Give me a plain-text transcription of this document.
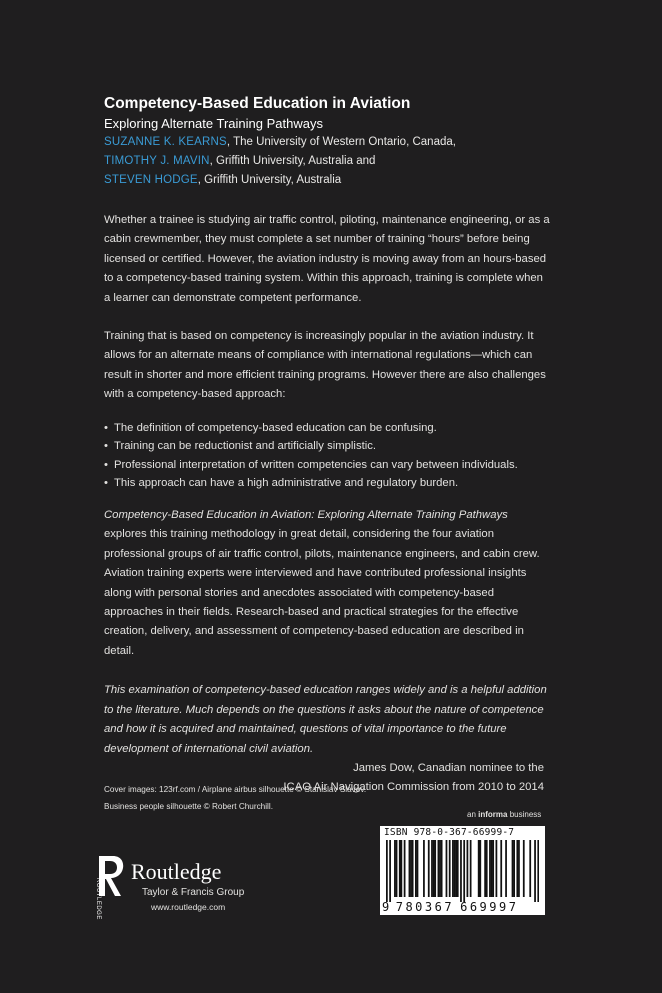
Competency-Based Education in Aviation
Exploring Alternate Training Pathways
SUZANNE K. KEARNS, The University of Western Ontario, Canada,
TIMOTHY J. MAVIN, Griffith University, Australia and
STEVEN HODGE, Griffith University, Australia

Whether a trainee is studying air traffic control, piloting, maintenance engineering, or as a cabin crewmember, they must complete a set number of training “hours” before being licensed or certified. However, the aviation industry is moving away from an hours-based to a competency-based training system. Within this approach, training is complete when a learner can demonstrate competent performance.

Training that is based on competency is increasingly popular in the aviation industry. It allows for an alternate means of compliance with international regulations—which can result in shorter and more efficient training programs. However there are also challenges with a competency-based approach:

• The definition of competency-based education can be confusing.
• Training can be reductionist and artificially simplistic.
• Professional interpretation of written competencies can vary between individuals.
• This approach can have a high administrative and regulatory burden.

Competency-Based Education in Aviation: Exploring Alternate Training Pathways explores this training methodology in great detail, considering the four aviation professional groups of air traffic control, pilots, maintenance engineers, and cabin crew. Aviation training experts were interviewed and have contributed professional insights along with personal stories and anecdotes associated with competency-based approaches in their fields. Research-based and practical strategies for the effective creation, delivery, and assessment of competency-based education are described in detail.

This examination of competency-based education ranges widely and is a helpful addition to the literature. Much depends on the questions it asks about the nature of competence and how it is acquired and maintained, questions of vital importance to the future development of international civil aviation.

James Dow, Canadian nominee to the
ICAO Air Navigation Commission from 2010 to 2014
Cover images: 123rf.com / Airplane airbus silhouette © Stanislav Slavov.
Business people silhouette © Robert Churchill.
an informa business
ISBN 978-0-367-66999-7
9 780367 669997
ROUTLEDGE
Routledge
Taylor & Francis Group
www.routledge.com
